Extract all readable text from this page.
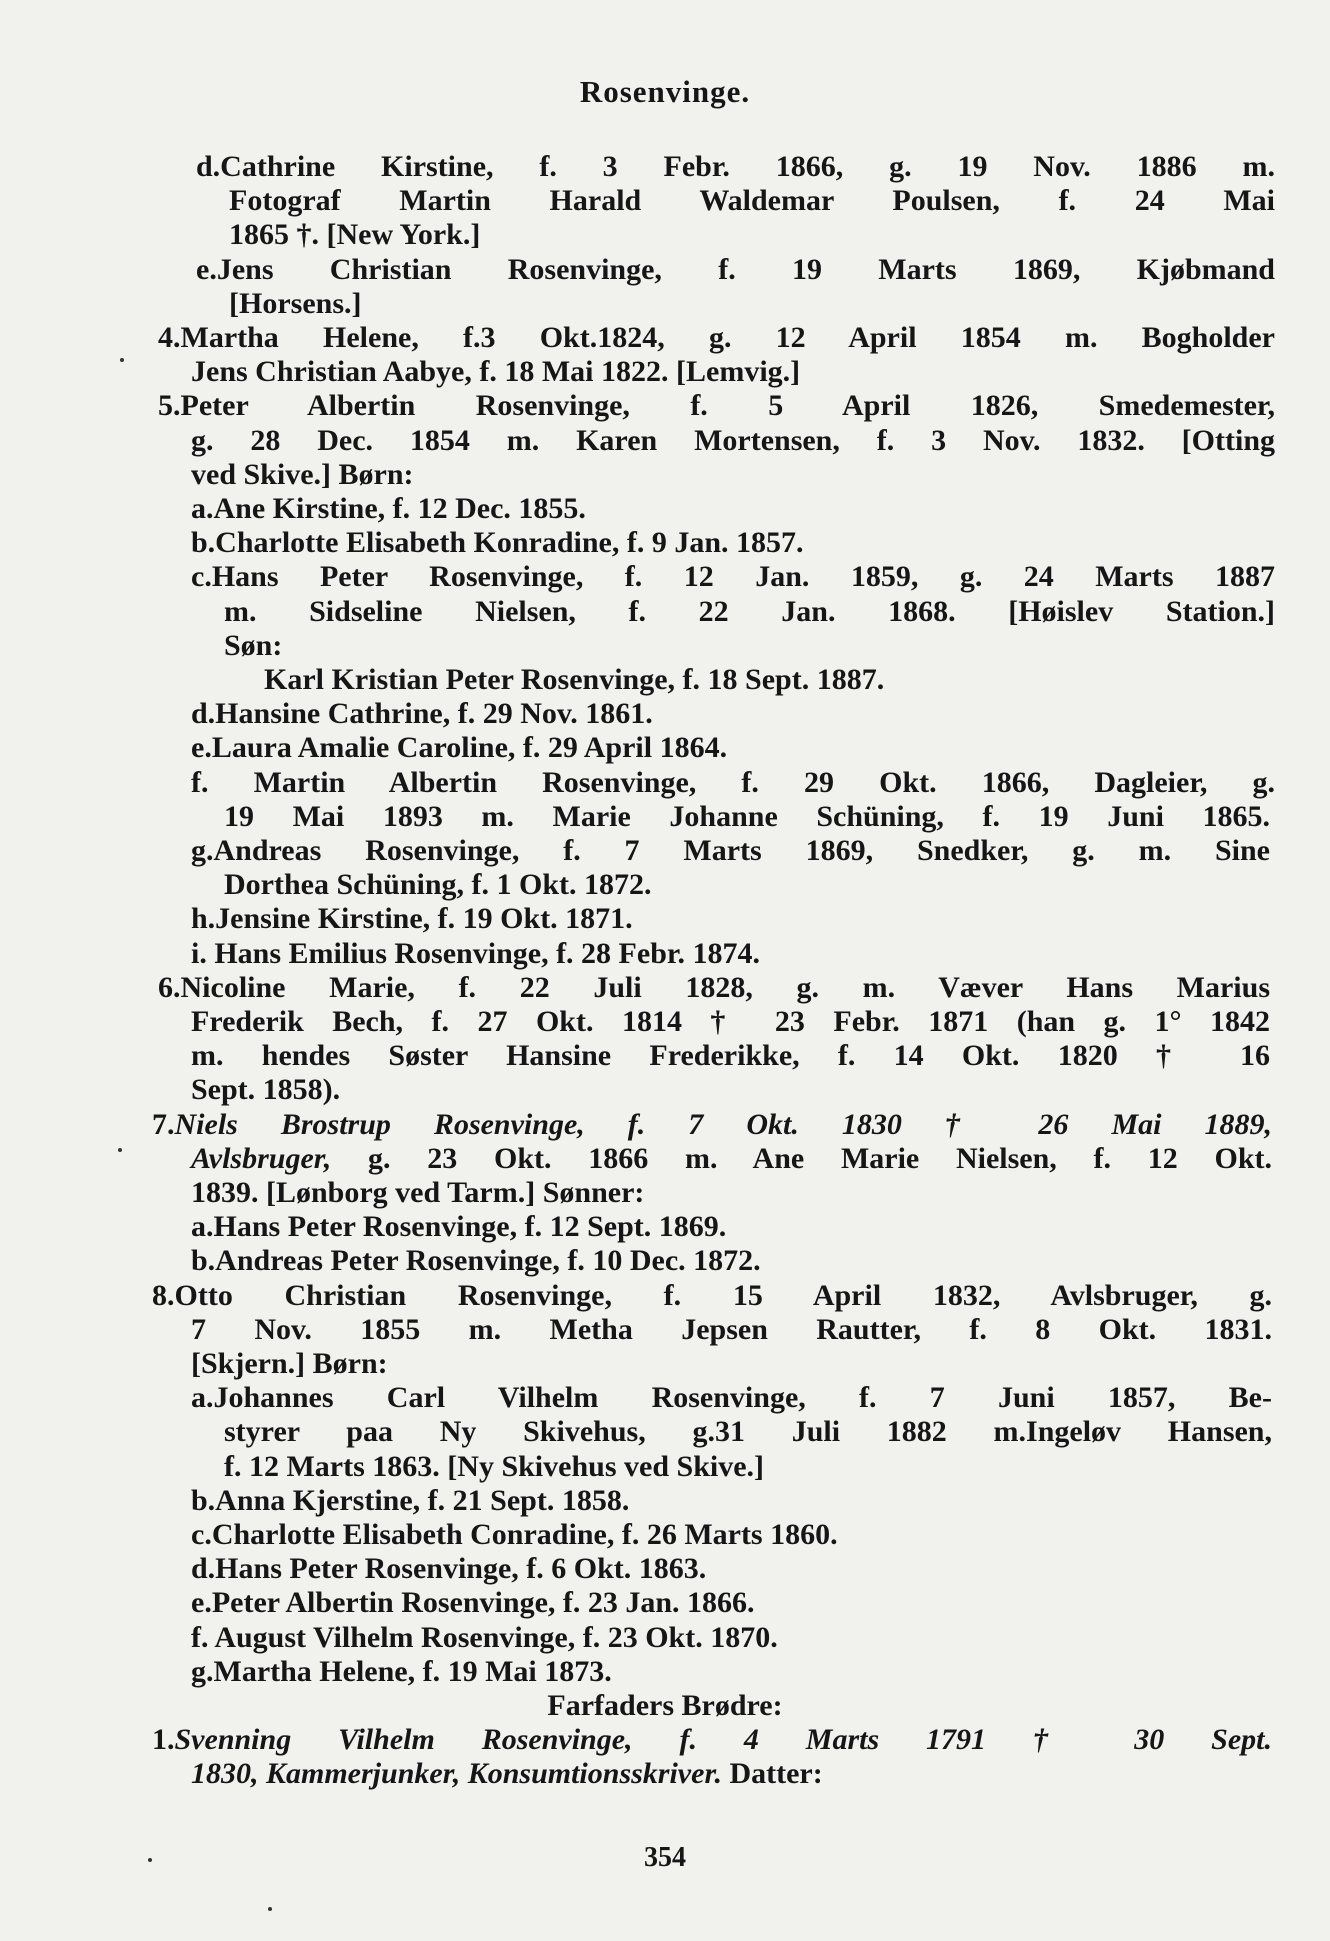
Rosenvinge.
d.Cathrine Kirstine, f. 3 Febr. 1866, g. 19 Nov. 1886 m.
Fotograf Martin Harald Waldemar Poulsen, f. 24 Mai
1865 †. [New York.]
e.Jens Christian Rosenvinge, f. 19 Marts 1869, Kjøbmand
[Horsens.]
4.Martha Helene, f.3 Okt.1824, g. 12 April 1854 m. Bogholder
Jens Christian Aabye, f. 18 Mai 1822. [Lemvig.]
5.Peter Albertin Rosenvinge, f. 5 April 1826, Smedemester,
g. 28 Dec. 1854 m. Karen Mortensen, f. 3 Nov. 1832. [Otting
ved Skive.] Børn:
a.Ane Kirstine, f. 12 Dec. 1855.
b.Charlotte Elisabeth Konradine, f. 9 Jan. 1857.
c.Hans Peter Rosenvinge, f. 12 Jan. 1859, g. 24 Marts 1887
m. Sidseline Nielsen, f. 22 Jan. 1868. [Høislev Station.]
Søn:
Karl Kristian Peter Rosenvinge, f. 18 Sept. 1887.
d.Hansine Cathrine, f. 29 Nov. 1861.
e.Laura Amalie Caroline, f. 29 April 1864.
f. Martin Albertin Rosenvinge, f. 29 Okt. 1866, Dagleier, g.
19 Mai 1893 m. Marie Johanne Schüning, f. 19 Juni 1865.
g.Andreas Rosenvinge, f. 7 Marts 1869, Snedker, g. m. Sine
Dorthea Schüning, f. 1 Okt. 1872.
h.Jensine Kirstine, f. 19 Okt. 1871.
i. Hans Emilius Rosenvinge, f. 28 Febr. 1874.
6.Nicoline Marie, f. 22 Juli 1828, g. m. Væver Hans Marius
Frederik Bech, f. 27 Okt. 1814 † 23 Febr. 1871 (han g. 1° 1842
m. hendes Søster Hansine Frederikke, f. 14 Okt. 1820 † 16
Sept. 1858).
7.Niels Brostrup Rosenvinge, f. 7 Okt. 1830 † 26 Mai 1889,
Avlsbruger, g. 23 Okt. 1866 m. Ane Marie Nielsen, f. 12 Okt.
1839. [Lønborg ved Tarm.] Sønner:
a.Hans Peter Rosenvinge, f. 12 Sept. 1869.
b.Andreas Peter Rosenvinge, f. 10 Dec. 1872.
8.Otto Christian Rosenvinge, f. 15 April 1832, Avlsbruger, g.
7 Nov. 1855 m. Metha Jepsen Rautter, f. 8 Okt. 1831.
[Skjern.] Børn:
a.Johannes Carl Vilhelm Rosenvinge, f. 7 Juni 1857, Be-
styrer paa Ny Skivehus, g.31 Juli 1882 m.Ingeløv Hansen,
f. 12 Marts 1863. [Ny Skivehus ved Skive.]
b.Anna Kjerstine, f. 21 Sept. 1858.
c.Charlotte Elisabeth Conradine, f. 26 Marts 1860.
d.Hans Peter Rosenvinge, f. 6 Okt. 1863.
e.Peter Albertin Rosenvinge, f. 23 Jan. 1866.
f. August Vilhelm Rosenvinge, f. 23 Okt. 1870.
g.Martha Helene, f. 19 Mai 1873.
Farfaders Brødre:
1.Svenning Vilhelm Rosenvinge, f. 4 Marts 1791 † 30 Sept.
1830, Kammerjunker, Konsumtionsskriver. Datter:
354
